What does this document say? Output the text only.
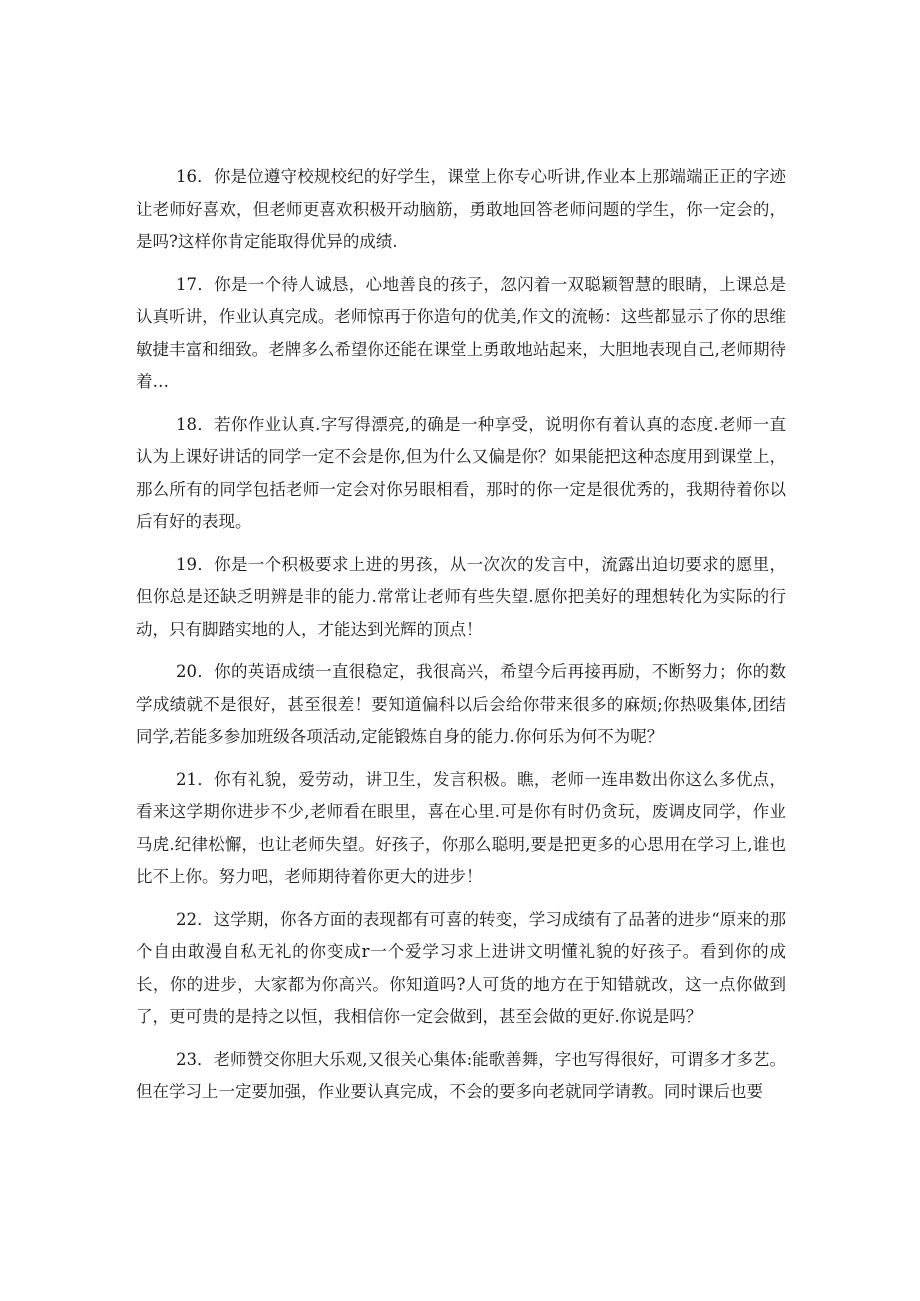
16．你是位遵守校规校纪的好学生，课堂上你专心听讲,作业本上那端端正正的字迹让老师好喜欢，但老师更喜欢积极开动脑筋，勇敢地回答老师问题的学生，你一定会的，是吗?这样你肯定能取得优异的成绩.

17．你是一个待人诚恳，心地善良的孩子，忽闪着一双聪颖智慧的眼睛，上课总是认真听讲，作业认真完成。老师惊再于你造句的优美,作文的流畅：这些都显示了你的思维敏捷丰富和细致。老牌多么希望你还能在课堂上勇敢地站起来，大胆地表现自己,老师期待着…

18．若你作业认真.字写得漂亮,的确是一种享受，说明你有着认真的态度.老师一直认为上课好讲话的同学一定不会是你,但为什么又偏是你？如果能把这种态度用到课堂上，那么所有的同学包括老师一定会对你另眼相看，那时的你一定是很优秀的，我期待着你以后有好的表现。

19．你是一个积极要求上进的男孩，从一次次的发言中，流露出迫切要求的愿里，但你总是还缺乏明辨是非的能力.常常让老师有些失望.愿你把美好的理想转化为实际的行动，只有脚踏实地的人，才能达到光辉的顶点！

20．你的英语成绩一直很稳定，我很高兴，希望今后再接再励，不断努力；你的数学成绩就不是很好，甚至很差！要知道偏科以后会给你带来很多的麻烦;你热吸集体,团结同学,若能多参加班级各项活动,定能锻炼自身的能力.你何乐为何不为呢？

21．你有礼貌，爱劳动，讲卫生，发言积极。瞧，老师一连串数出你这么多优点，看来这学期你进步不少,老师看在眼里，喜在心里.可是你有时仍贪玩，废调皮同学，作业马虎.纪律松懈，也让老师失望。好孩子，你那么聪明,要是把更多的心思用在学习上,谁也比不上你。努力吧，老师期待着你更大的进步！

22．这学期，你各方面的表现都有可喜的转变，学习成绩有了品著的进步“原来的那个自由敢漫自私无礼的你变成r一个爱学习求上进讲文明懂礼貌的好孩子。看到你的成长，你的进步，大家都为你高兴。你知道吗?人可货的地方在于知错就改，这一点你做到了，更可贵的是持之以恒，我相信你一定会做到，甚至会做的更好.你说是吗？

23．老师赞交你胆大乐观,又很关心集体:能歌善舞，字也写得很好，可谓多才多艺。但在学习上一定要加强，作业要认真完成，不会的要多向老就同学请教。同时课后也要
